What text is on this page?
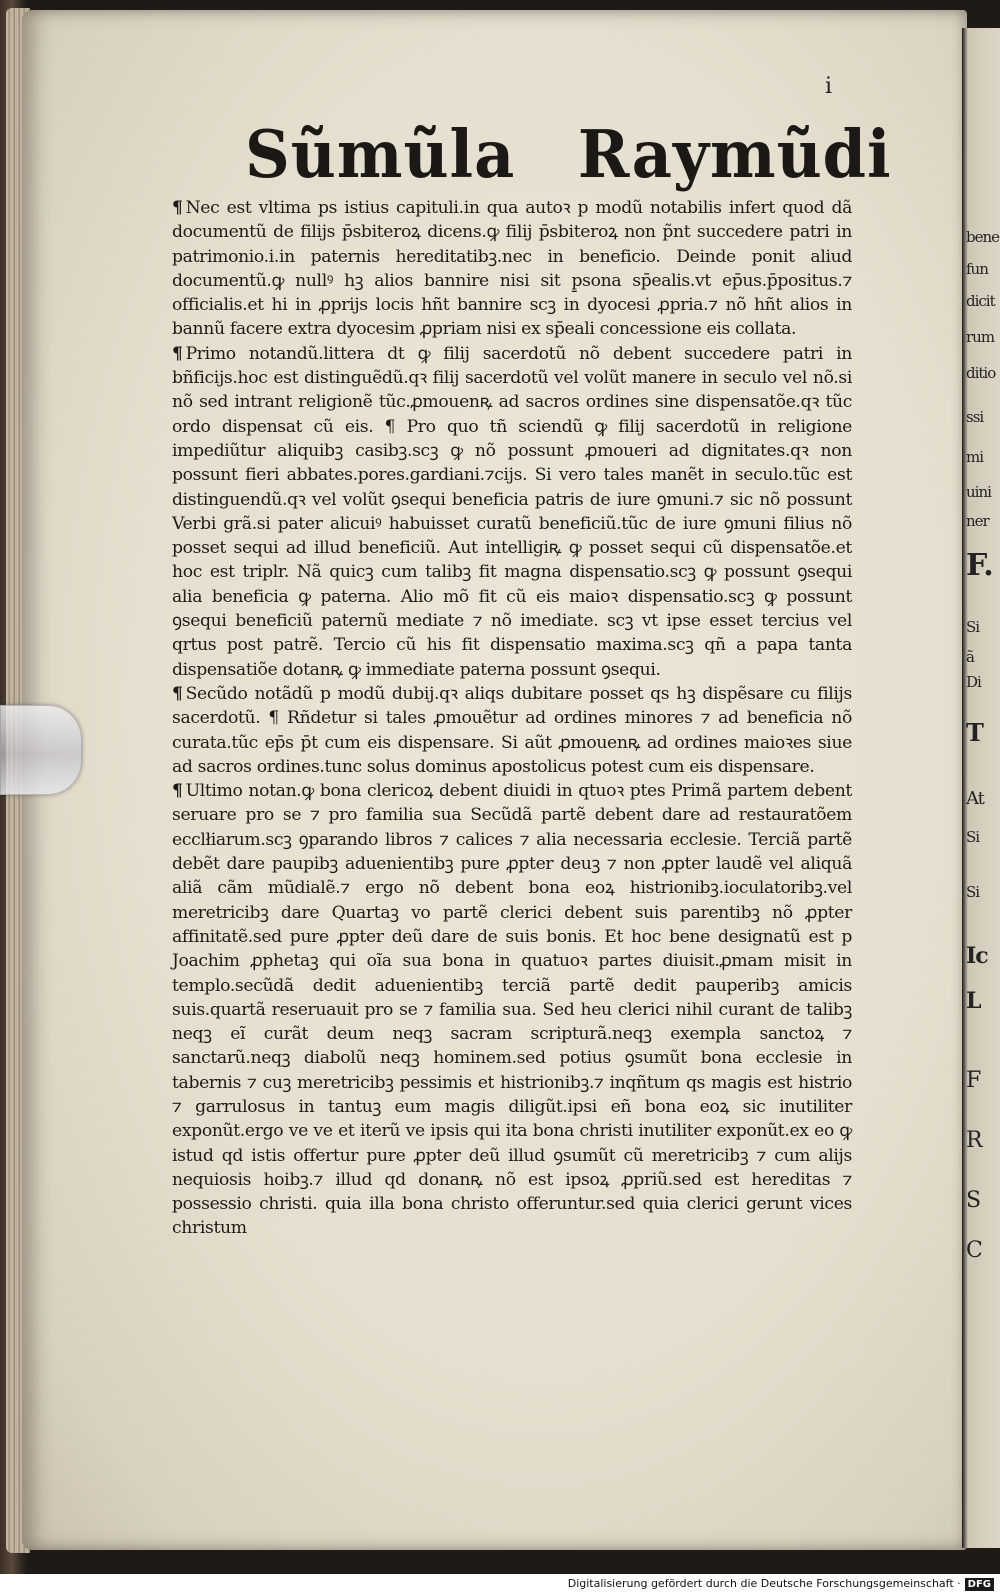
bene
fun
dicit
rum
ditio
ssi
mi
uini
ner
F.
Si
ã
Di
T
At
Si
Si
Ic
L
F
R
S
C
i
Sũmũla Raymũdi

¶ Nec est vltima ps istius capituli.in qua autoꝛ p modũ notabilis infert quod dã documentũ de filijs p̄sbiteroꝝ dicens.ꝙ filij p̄sbiteroꝝ non p̃nt succedere patri in patrimonio.i.in paternis hereditatibꝫ.nec in beneficio. Deinde ponit aliud documentũ.ꝙ nullꝰ hꝫ alios bannire nisi sit p̱sona sp̄ealis.vt ep̄us.p̄positus.⁊ officialis.et hi in ꝓprijs locis hñt bannire scꝫ in dyocesi ꝓpria.⁊ nõ hñt alios in bannũ facere extra dyocesim ꝓpriam nisi ex sp̄eali concessione eis collata.

¶ Primo notandũ.littera dt ꝙ filij sacerdotũ nõ debent succedere patri in bñficijs.hoc est distinguẽdũ.qꝛ filij sacerdotũ vel volũt manere in seculo vel nõ.si nõ sed intrant religionẽ tũc.ꝓmouenꝶ ad sacros ordines sine dispensatõe.qꝛ tũc ordo dispensat cũ eis. ¶ Pro quo tñ sciendũ ꝙ filij sacerdotũ in religione impediũtur aliquibꝫ casibꝫ.scꝫ ꝙ nõ possunt ꝓmoueri ad dignitates.qꝛ non possunt fieri abbates.pores.gardiani.⁊cijs. Si vero tales manẽt in seculo.tũc est distinguendũ.qꝛ vel volũt ꝯsequi beneficia patris de iure ꝯmuni.⁊ sic nõ possunt Verbi grã.si pater alicuiꝰ habuisset curatũ beneficiũ.tũc de iure ꝯmuni filius nõ posset sequi ad illud beneficiũ. Aut intelligiꝶ ꝙ posset sequi cũ dispensatõe.et hoc est triplr. Nã quicꝫ cum talibꝫ fit magna dispensatio.scꝫ ꝙ possunt ꝯsequi alia beneficia ꝙ paterna. Alio mõ fit cũ eis maioꝛ dispensatio.scꝫ ꝙ possunt ꝯsequi beneficiũ paternũ mediate ⁊ nõ imediate. scꝫ vt ipse esset tercius vel qrtus post patrẽ. Tercio cũ his fit dispensatio maxima.scꝫ qñ a papa tanta dispensatiõe dotanꝶ ꝙ immediate paterna possunt ꝯsequi.

¶ Secũdo notãdũ p modũ dubij.qꝛ aliqs dubitare posset qs hꝫ dispẽsare cu filijs sacerdotũ. ¶ Rñdetur si tales ꝓmouẽtur ad ordines minores ⁊ ad beneficia nõ curata.tũc ep̄s p̄t cum eis dispensare. Si aũt ꝓmouenꝶ ad ordines maioꝛes siue ad sacros ordines.tunc solus dominus apostolicus potest cum eis dispensare.

¶ Ultimo notan.ꝙ bona clericoꝝ debent diuidi in qtuoꝛ ptes Primã partem debent seruare pro se ⁊ pro familia sua Secũdã partẽ debent dare ad restauratõem ecclłiarum.scꝫ ꝯparando libros ⁊ calices ⁊ alia necessaria ecclesie. Terciã partẽ debẽt dare paupibꝫ aduenientibꝫ pure ꝓpter deuꝫ ⁊ non ꝓpter laudẽ vel aliquã aliã cãm mũdialẽ.⁊ ergo nõ debent bona eoꝝ histrionibꝫ.ioculatoribꝫ.vel meretricibꝫ dare Quartaꝫ vo partẽ clerici debent suis parentibꝫ nõ ꝓpter affinitatẽ.sed pure ꝓpter deũ dare de suis bonis. Et hoc bene designatũ est p Joachim ꝓphetaꝫ qui oĩa sua bona in quatuoꝛ partes diuisit.ꝓmam misit in templo.secũdã dedit aduenientibꝫ terciã partẽ dedit pauperibꝫ amicis suis.quartã reseruauit pro se ⁊ familia sua. Sed heu clerici nihil curant de talibꝫ neqꝫ eĩ curãt deum neqꝫ sacram scripturã.neqꝫ exempla sanctoꝝ ⁊ sanctarũ.neqꝫ diabolũ neqꝫ hominem.sed potius ꝯsumũt bona ecclesie in tabernis ⁊ cuꝫ meretricibꝫ pessimis et histrionibꝫ.⁊ inqñtum qs magis est histrio ⁊ garrulosus in tantuꝫ eum magis diligũt.ipsi eñ bona eoꝝ sic inutiliter exponũt.ergo ve ve et iterũ ve ipsis qui ita bona christi inutiliter exponũt.ex eo ꝙ istud qd istis offertur pure ꝓpter deũ illud ꝯsumũt cũ meretricibꝫ ⁊ cum alijs nequiosis hoibꝫ.⁊ illud qd donanꝶ nõ est ipsoꝝ ꝓpriũ.sed est hereditas ⁊ possessio christi. quia illa bona christo offeruntur.sed quia clerici gerunt vices christum

Digitalisierung gefördert durch die Deutsche Forschungsgemeinschaft · DFG
